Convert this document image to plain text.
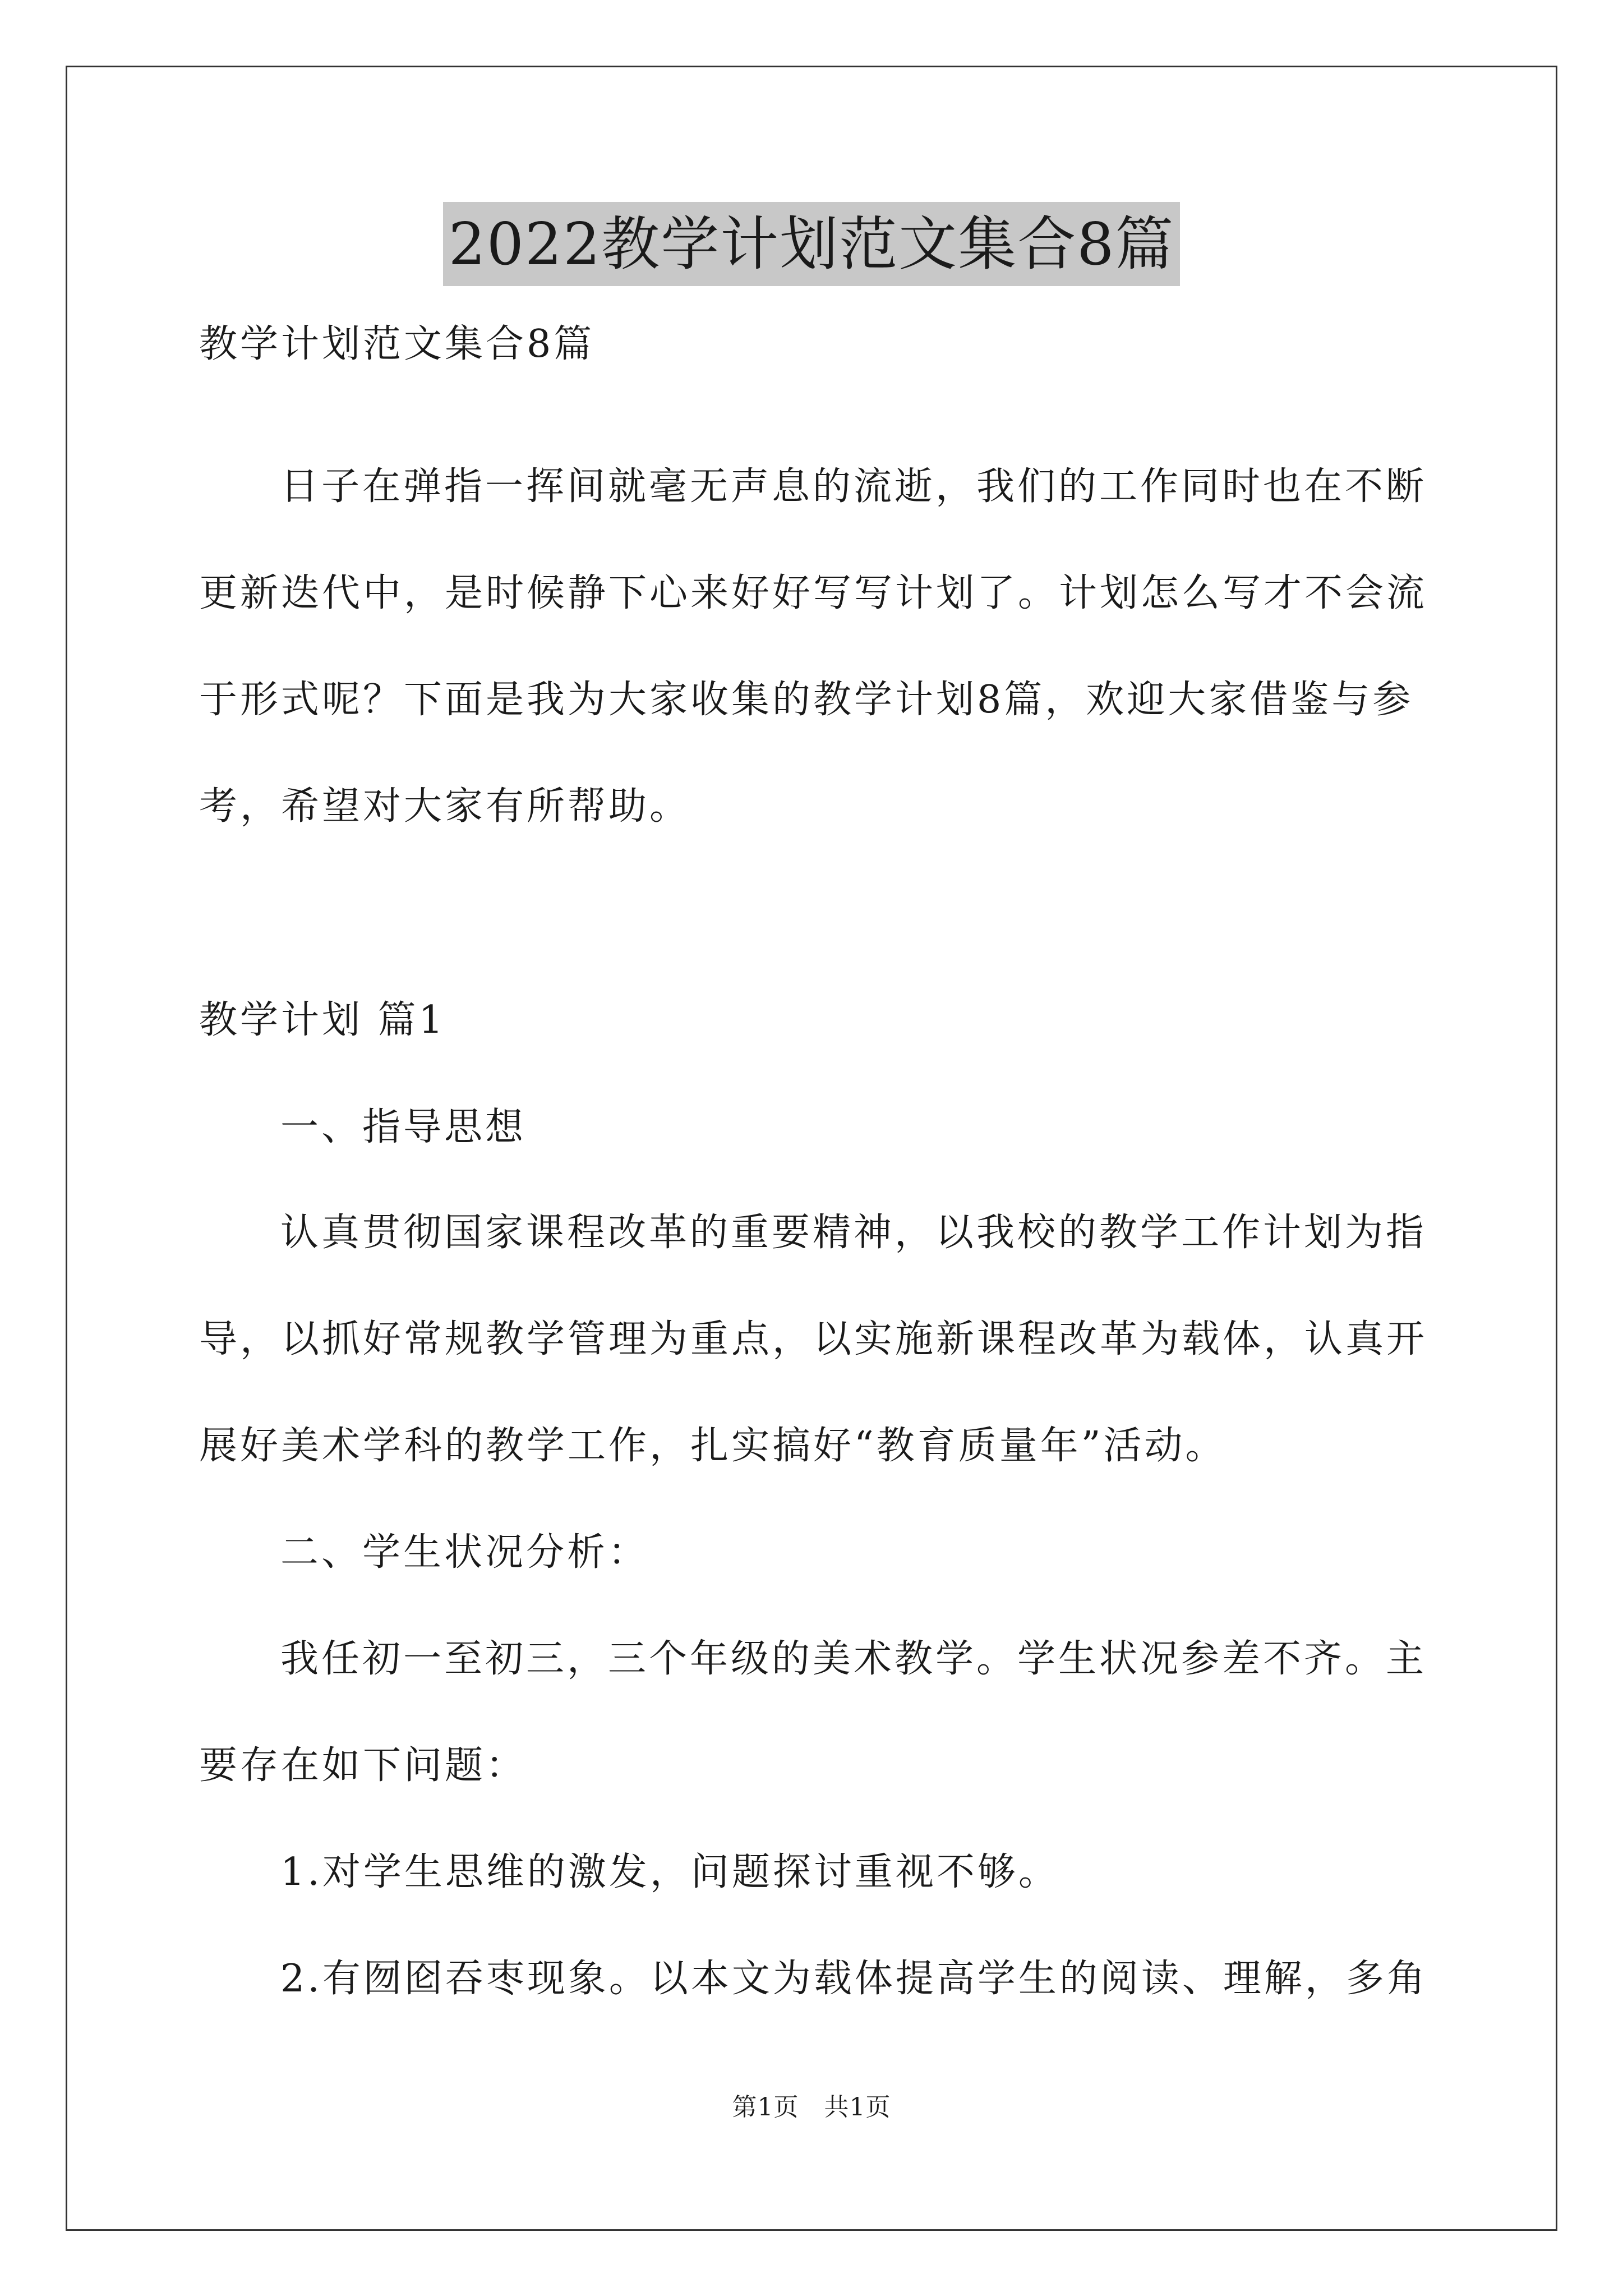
2022教学计划范文集合8篇
教学计划范文集合8篇
日子在弹指一挥间就毫无声息的流逝，我们的工作同时也在不断
更新迭代中，是时候静下心来好好写写计划了。计划怎么写才不会流
于形式呢？下面是我为大家收集的教学计划8篇，欢迎大家借鉴与参
考，希望对大家有所帮助。
教学计划 篇1
一、指导思想
认真贯彻国家课程改革的重要精神，以我校的教学工作计划为指
导，以抓好常规教学管理为重点，以实施新课程改革为载体，认真开
展好美术学科的教学工作，扎实搞好“教育质量年”活动。
二、学生状况分析：
我任初一至初三，三个年级的美术教学。学生状况参差不齐。主
要存在如下问题：
1.对学生思维的激发，问题探讨重视不够。
2.有囫囵吞枣现象。以本文为载体提高学生的阅读、理解，多角
第1页 共1页
